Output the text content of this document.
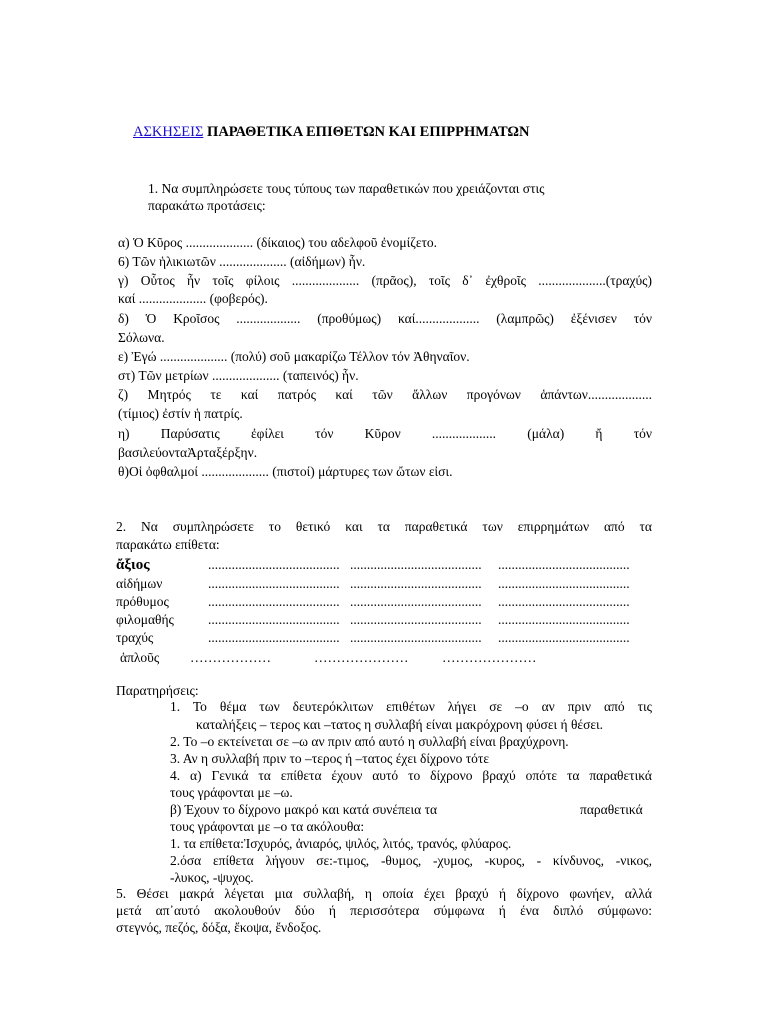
ΑΣΚΗΣΕΙΣ ΠΑΡΑΘΕΤΙΚΑ ΕΠΙΘΕΤΩΝ ΚΑΙ ΕΠΙΡΡΗΜΑΤΩΝ
1. Να συμπληρώσετε τους τύπους των παραθετικών που χρειάζονται στις
παρακάτω προτάσεις:
α) Ὁ Κῦρος .................... (δίκαιος) του αδελφοῦ ἐνομίζετο.
6) Τῶν ἡλικιωτῶν .................... (αἰδήμων) ἦν.
γ) Οὗτος ἦν τοῖς φίλοις .................... (πρᾶος), τοῖς δ᾽ ἐχθροῖς ....................(τραχύς)
καί .................... (φοβερός).
δ) Ὁ Κροῖσος ................... (προθύμως) καί................... (λαμπρῶς) ἐξένισεν τόν
Σόλωνα.
ε) Ἐγώ .................... (πολύ) σοῦ μακαρίζω Τέλλον τόν Ἀθηναῖον.
στ) Τῶν μετρίων .................... (ταπεινός) ἦν.
ζ) Μητρός τε καί πατρός καί τῶν ἄλλων προγόνων ἁπάντων...................
(τίμιος) ἐστίν ἡ πατρίς.
η) Παρύσατις ἐφίλει τόν Κῦρον ................... (μάλα) ἤ τόν
βασιλεύονταἈρταξέρξην.
θ)Οἱ ὀφθαλμοί .................... (πιστοί) μάρτυρες των ὤτων εἰσι.
2. Να συμπληρώσετε το θετικό και τα παραθετικά των επιρρημάτων από τα
παρακάτω επίθετα:
ἄξιος	....................................... ....................................... .......................................
αἰδήμων	....................................... ....................................... .......................................
πρόθυμος	....................................... ....................................... .......................................
φιλομαθής	....................................... ....................................... .......................................
τραχύς	....................................... ....................................... .......................................
ἁπλοῦς ………………	………………… …………………
Παρατηρήσεις:
1. Το θέμα των δευτερόκλιτων επιθέτων λήγει σε –ο αν πριν από τις
καταλήξεις – τερος και –τατος η συλλαβή είναι μακρόχρονη φύσει ή θέσει.
2. Το –ο εκτείνεται σε –ω αν πριν από αυτό η συλλαβή είναι βραχύχρονη.
3. Αν η συλλαβή πριν το –τερος ή –τατος έχει δίχρονο τότε
4. α) Γενικά τα επίθετα έχουν αυτό το δίχρονο βραχύ οπότε τα παραθετικά
τους γράφονται με –ω.
β) Έχουν το δίχρονο μακρό και κατά συνέπεια τα	παραθετικά
τους γράφονται με –ο τα ακόλουθα:
1. τα επίθετα:Ἰσχυρός, ἀνιαρός, ψιλός, λιτός, τρανός, φλύαρος.
2.όσα επίθετα λήγουν σε:-τιμος, -θυμος, -χυμος, -κυρος, - κίνδυνος, -νικος,
-λυκος, -ψυχος.
5. Θέσει μακρά λέγεται μια συλλαβή, η οποία έχει βραχύ ή δίχρονο φωνήεν, αλλά
μετά απ᾽αυτό ακολουθούν δύο ή περισσότερα σύμφωνα ή ένα διπλό σύμφωνο:
στεγνός, πεζός, δόξα, ἔκοψα, ἔνδοξος.
